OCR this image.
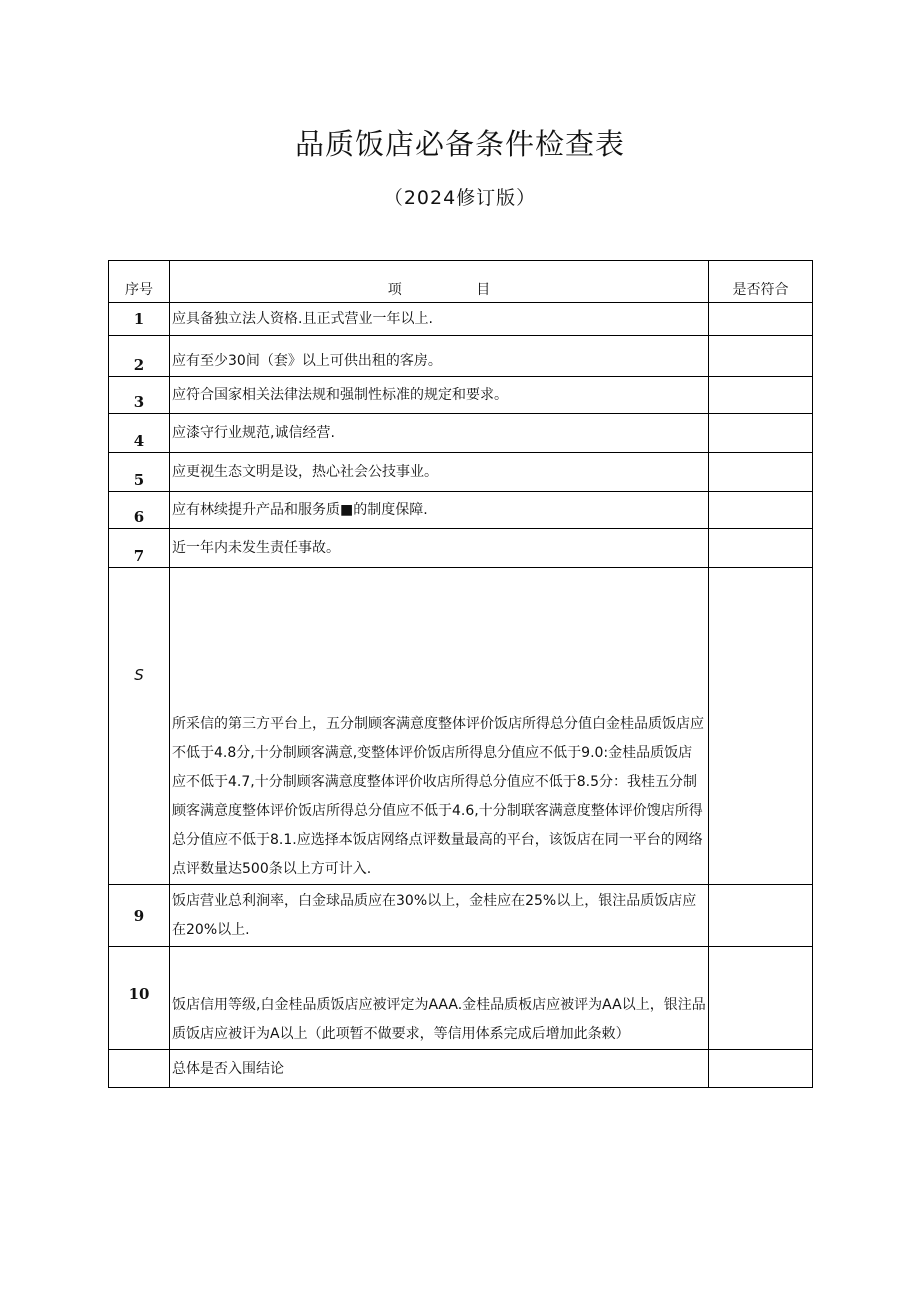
品质饭店必备条件检查表
（2024修订版）
序号	项 目	是否符合
1	应具备独立法人资格.且正式营业一年以上.	
2	应有至少30间（套》以上可供出租的客房。	
3	应符合国家相关法律法规和强制性标准的规定和要求。	
4	应漆守行业规范,诚信经营.	
5	应更视生态文明是设，热心社会公技事业。	
6	应有林续提升产品和服务质■的制度保障.	
7	近一年内未发生责任事故。	
S	所采信的第三方平台上，五分制顾客满意度整体评价饭店所得总分值白金桂品质饭店应不低于4.8分,十分制顾客满意,变整体评价饭店所得息分值应不低于9.0:金桂品质饭店应不低于4.7,十分制顾客满意度整体评价收店所得总分值应不低于8.5分：我桂五分制顾客满意度整体评价饭店所得总分值应不低于4.6,十分制联客满意度整体评价馊店所得总分值应不低于8.1.应选择本饭店网络点评数量最高的平台，该饭店在同一平台的网络点评数量达500条以上方可计入.	
9	饭店营业总利涧率，白金球品质应在30%以上，金桂应在25%以上，银注品质饭店应在20%以上.	
10	饭店信用等级,白金桂品质饭店应被评定为AAA.金桂品质板店应被评为AA以上，银注品质饭店应被讦为A以上（此项暂不做要求，等信用体系完成后增加此条敕）	
	总体是否入围结论	
